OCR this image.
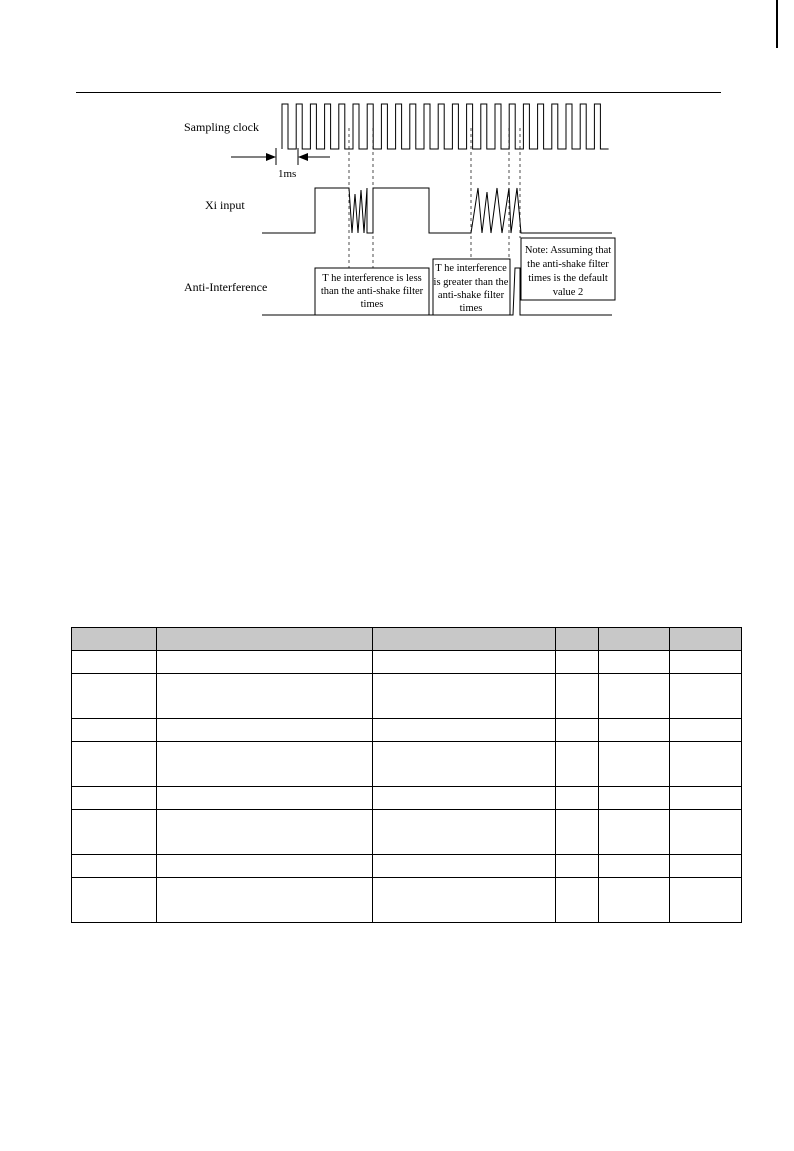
Sampling clock
Xi input
Anti-Interference
1ms
T he interference is less
than the anti-shake filter
times
T he interference
is greater than the
anti-shake filter
times
Note: Assuming that
the anti-shake filter
times is the default
value 2
